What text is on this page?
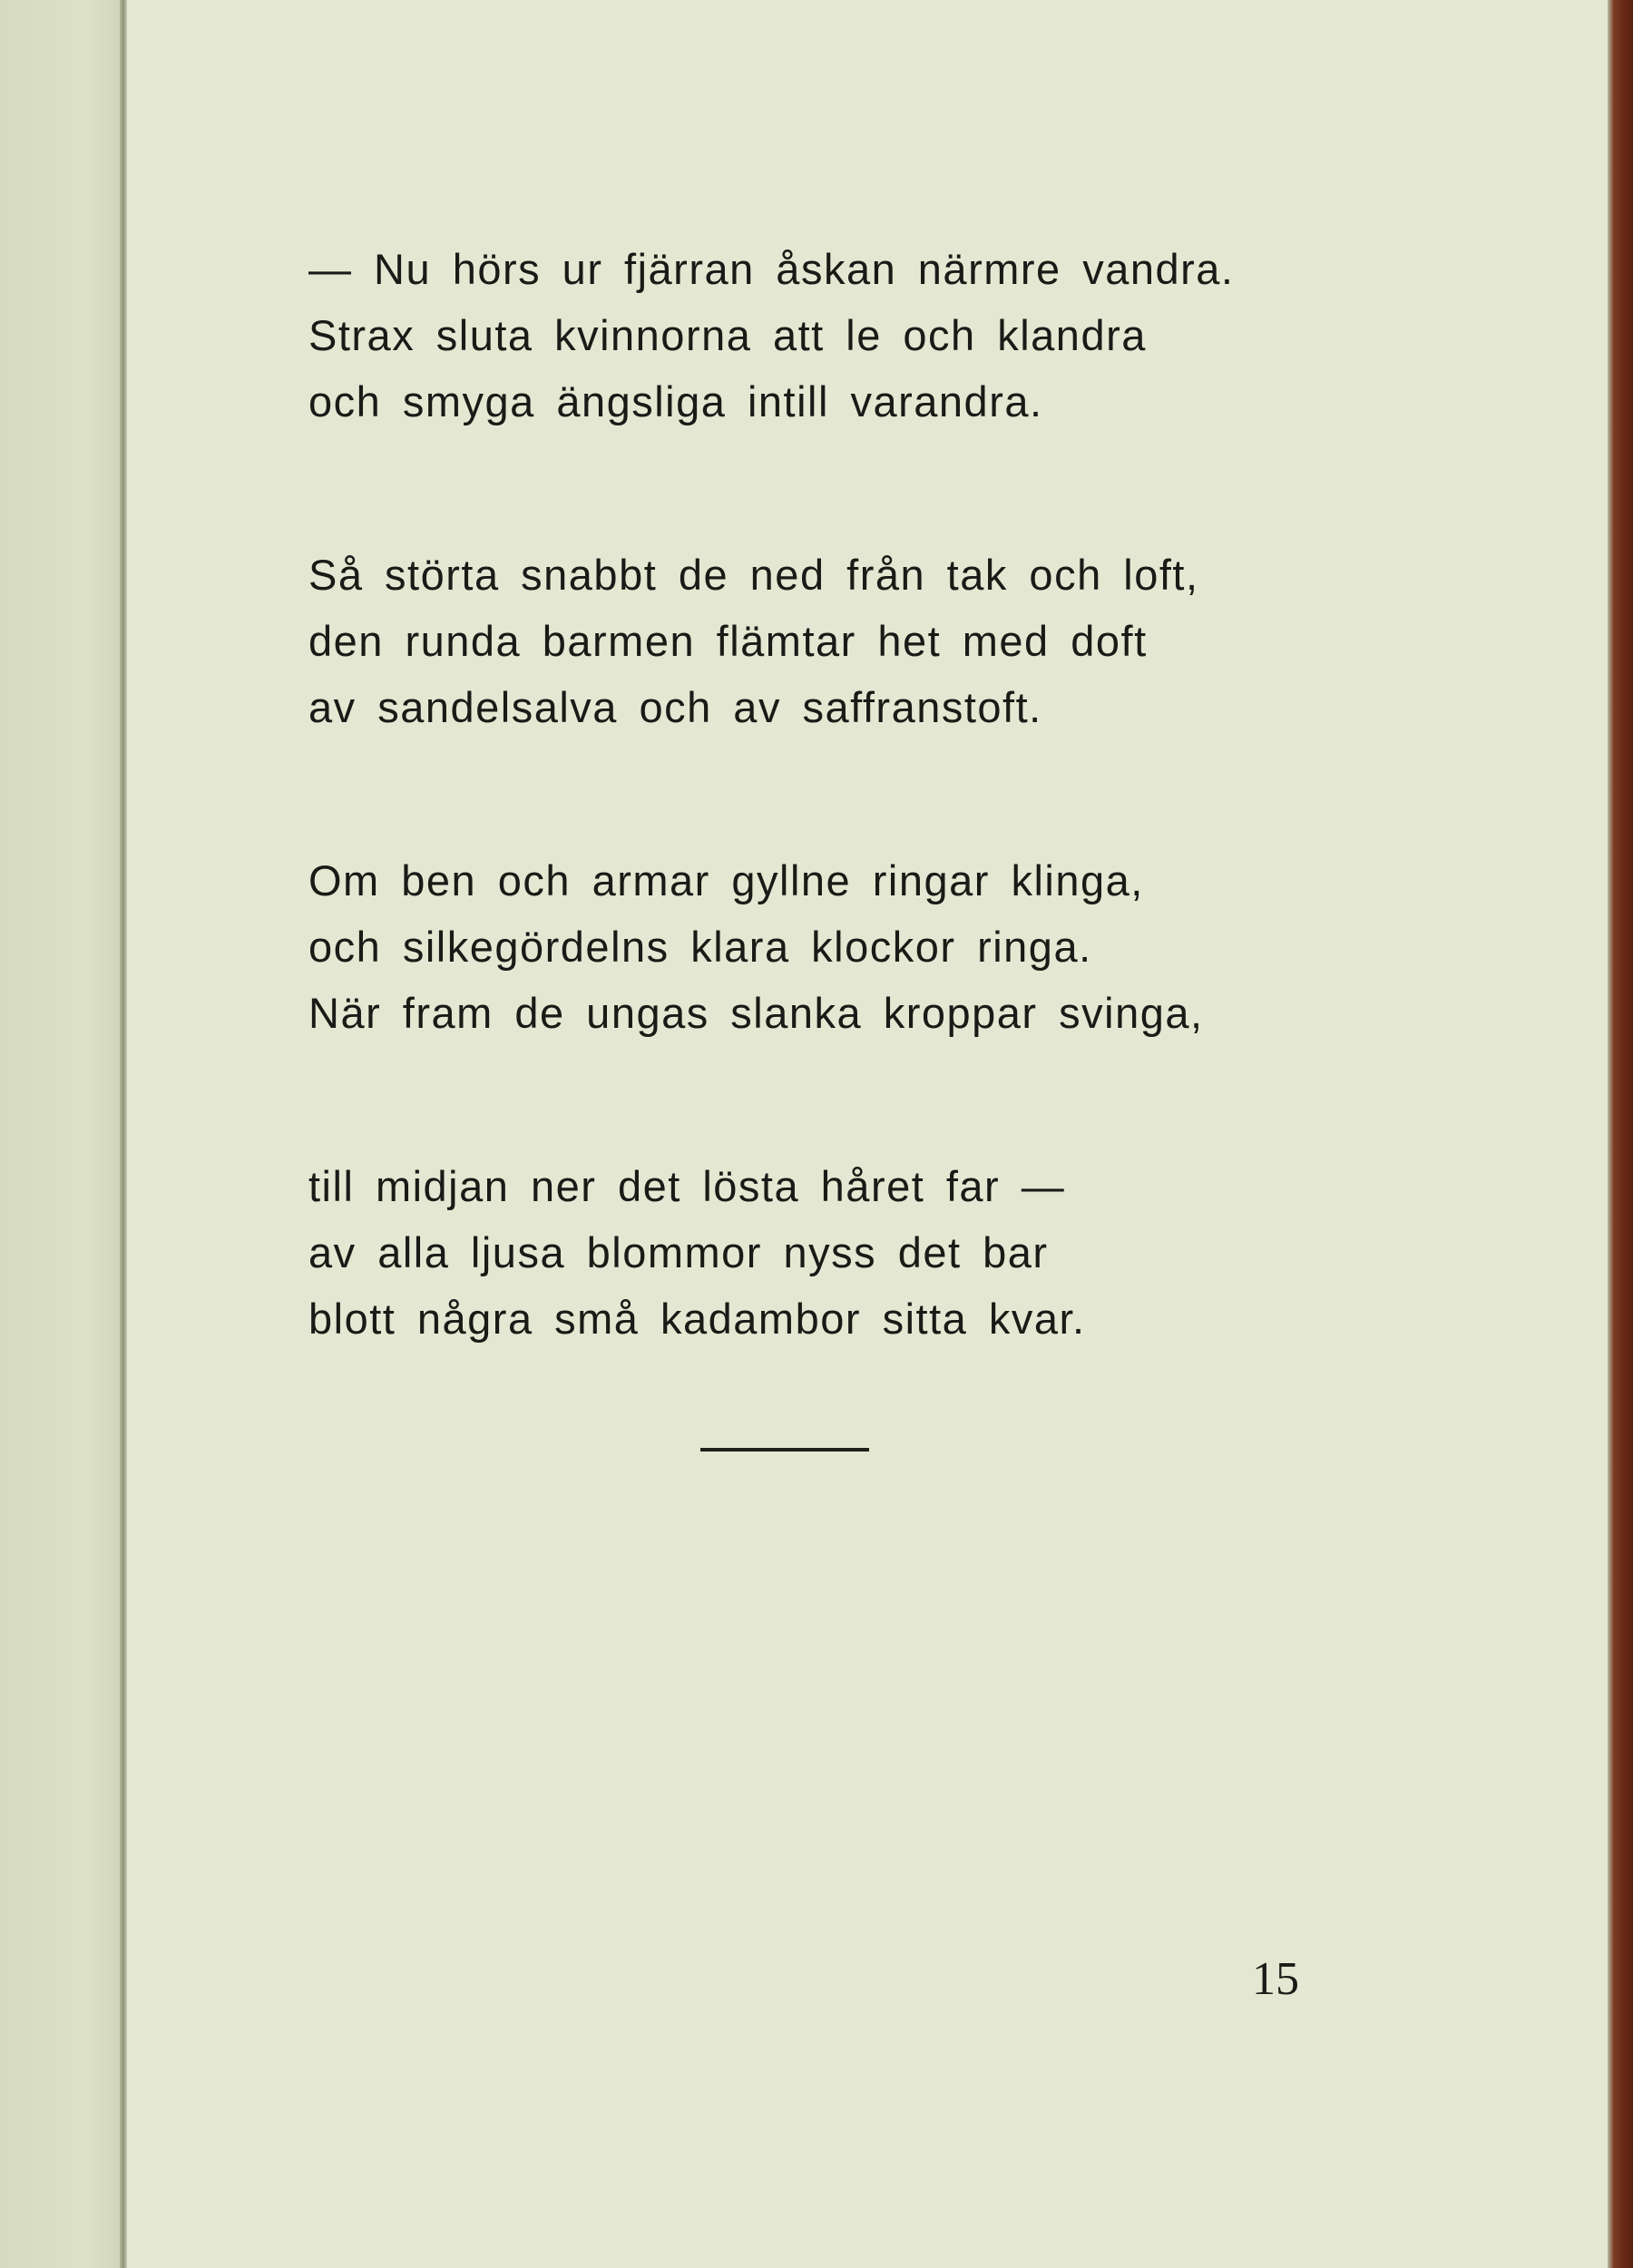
— Nu hörs ur fjärran åskan närmre vandra.
Strax sluta kvinnorna att le och klandra
och smyga ängsliga intill varandra.
Så störta snabbt de ned från tak och loft,
den runda barmen flämtar het med doft
av sandelsalva och av saffranstoft.
Om ben och armar gyllne ringar klinga,
och silkegördelns klara klockor ringa.
När fram de ungas slanka kroppar svinga,
till midjan ner det lösta håret far —
av alla ljusa blommor nyss det bar
blott några små kadambor sitta kvar.
15
